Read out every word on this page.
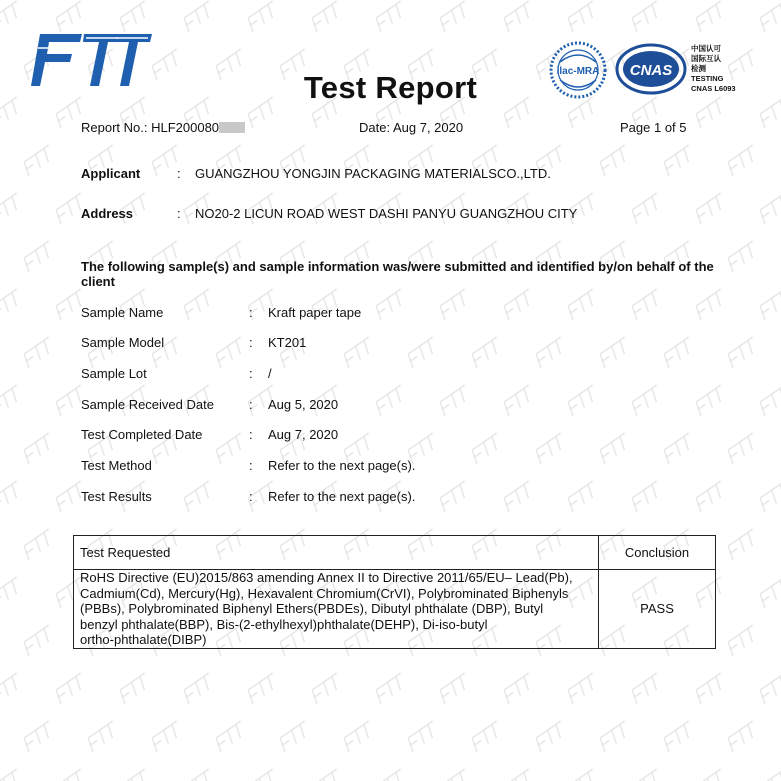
Test Report	ilac-MRA CNAS
中国认可
国际互认
检测
TESTING
CNAS L6093
Report No.: HLF200080	Date: Aug 7, 2020	Page 1 of 5
Applicant	: GUANGZHOU YONGJIN PACKAGING MATERIALSCO.,LTD.
Address	: NO20-2 LICUN ROAD WEST DASHI PANYU GUANGZHOU CITY
The following sample(s) and sample information was/were submitted and identified by/on behalf of the client
Sample Name	: Kraft paper tape
Sample Model	: KT201
Sample Lot	: /
Sample Received Date	: Aug 5, 2020
Test Completed Date	: Aug 7, 2020
Test Method	: Refer to the next page(s).
Test Results	: Refer to the next page(s).
Test Requested	Conclusion

RoHS Directive (EU)2015/863 amending Annex II to Directive 2011/65/EU– Lead(Pb),
Cadmium(Cd), Mercury(Hg), Hexavalent Chromium(CrVI), Polybrominated Biphenyls
(PBBs), Polybrominated Biphenyl Ethers(PBDEs), Dibutyl phthalate (DBP), Butyl
benzyl phthalate(BBP), Bis-(2-ethylhexyl)phthalate(DEHP), Di-iso-butyl
ortho-phthalate(DIBP)	PASS
